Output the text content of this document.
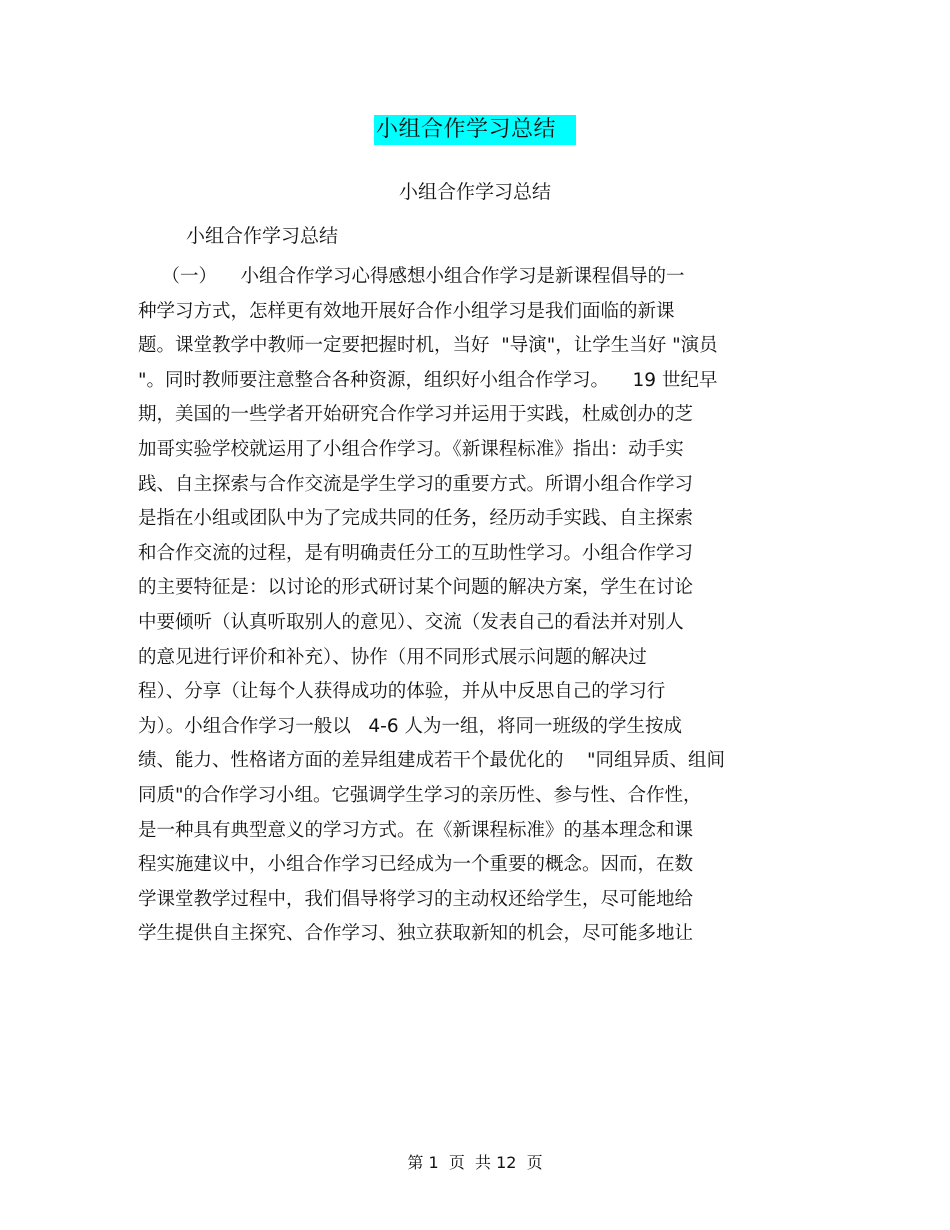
小组合作学习总结
小组合作学习总结
小组合作学习总结
（一）    小组合作学习心得感想小组合作学习是新课程倡导的一
种学习方式，怎样更有效地开展好合作小组学习是我们面临的新课
题。课堂教学中教师一定要把握时机，当好  "导演"，让学生当好 "演员
"。同时教师要注意整合各种资源，组织好小组合作学习。    19 世纪早
期，美国的一些学者开始研究合作学习并运用于实践，杜威创办的芝
加哥实验学校就运用了小组合作学习。《新课程标准》指出：动手实
践、自主探索与合作交流是学生学习的重要方式。所谓小组合作学习
是指在小组或团队中为了完成共同的任务，经历动手实践、自主探索
和合作交流的过程，是有明确责任分工的互助性学习。小组合作学习
的主要特征是：以讨论的形式研讨某个问题的解决方案，学生在讨论
中要倾听（认真听取别人的意见）、交流（发表自己的看法并对别人
的意见进行评价和补充）、协作（用不同形式展示问题的解决过
程）、分享（让每个人获得成功的体验，并从中反思自己的学习行
为）。小组合作学习一般以   4-6 人为一组，将同一班级的学生按成
绩、能力、性格诸方面的差异组建成若干个最优化的    "同组异质、组间
同质"的合作学习小组。它强调学生学习的亲历性、参与性、合作性，
是一种具有典型意义的学习方式。在《新课程标准》的基本理念和课
程实施建议中，小组合作学习已经成为一个重要的概念。因而，在数
学课堂教学过程中，我们倡导将学习的主动权还给学生，尽可能地给
学生提供自主探究、合作学习、独立获取新知的机会，尽可能多地让
第 1  页  共 12  页
